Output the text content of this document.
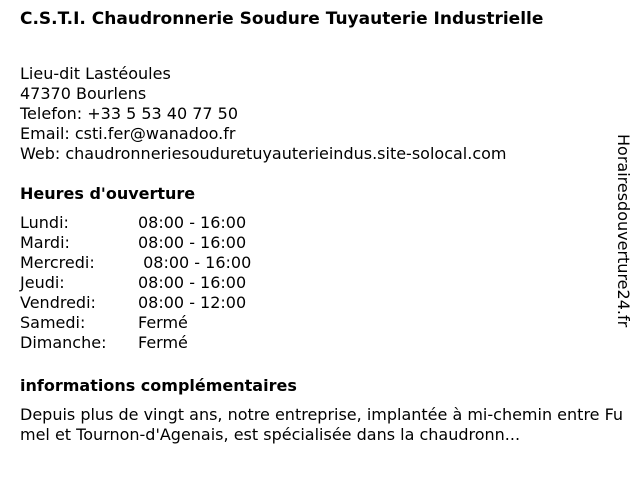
C.S.T.I. Chaudronnerie Soudure Tuyauterie Industrielle
Lieu-dit Lastéoules
47370 Bourlens
Telefon: +33 5 53 40 77 50
Email: csti.fer@wanadoo.fr
Web: chaudronneriesouduretuyauterieindus.site-solocal.com
Heures d'ouverture
Lundi:	08:00 - 16:00
Mardi:	08:00 - 16:00
Mercredi:	08:00 - 16:00
Jeudi:	08:00 - 16:00
Vendredi:	08:00 - 12:00
Samedi:	Fermé
Dimanche:	Fermé
informations complémentaires
Depuis plus de vingt ans, notre entreprise, implantée à mi-chemin entre Fumel et Tournon-d'Agenais, est spécialisée dans la chaudronn...
Horairesdouverture24.fr
